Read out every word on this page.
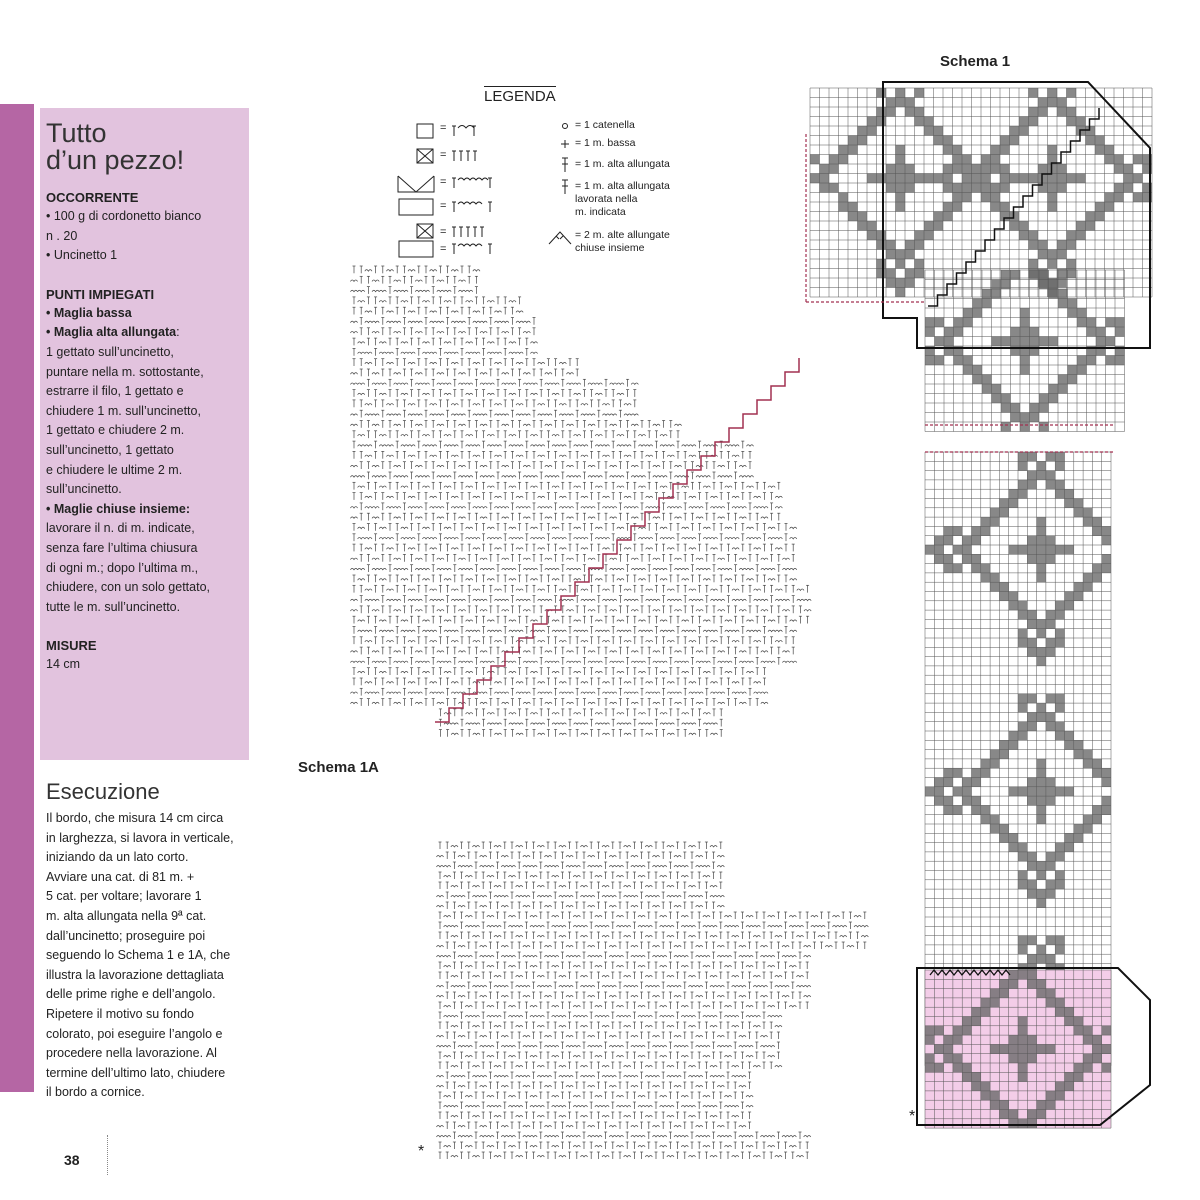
Tutto
d’un pezzo!

OCCORRENTE

• 100 g di cordonetto bianco
n . 20

• Uncinetto 1

PUNTI IMPIEGATI

• Maglia bassa

• Maglia alta allungata:

1 gettato sull’uncinetto,
puntare nella m. sottostante,
estrarre il filo, 1 gettato e
chiudere 1 m. sull’uncinetto,
1 gettato e chiudere 2 m.
sull’uncinetto, 1 gettato
e chiudere le ultime 2 m.
sull’uncinetto.

• Maglie chiuse insieme:

lavorare il n. di m. indicate,
senza fare l’ultima chiusura
di ogni m.; dopo l’ultima m.,
chiudere, con un solo gettato,
tutte le m. sull’uncinetto.

MISURE

14 cm

Esecuzione

Il bordo, che misura 14 cm circa
in larghezza, si lavora in verticale,
iniziando da un lato corto.
Avviare una cat. di 81 m. +
5 cat. per voltare; lavorare 1
m. alta allungata nella 9ª cat.
dall’uncinetto; proseguire poi
seguendo lo Schema 1 e 1A, che
illustra la lavorazione dettagliata
delle prime righe e dell’angolo.
Ripetere il motivo su fondo
colorato, poi eseguire l’angolo e
procedere nella lavorazione. Al
termine dell’ultimo lato, chiudere
il bordo a cornice.
38
LEGENDA
=
=
=
=
=
=
= 1 catenella
= 1 m. bassa
= 1 m. alta allungata
= 1 m. alta allungata
lavorata nella
m. indicata
= 2 m. alte allungate
chiuse insieme
Schema 1
Schema 1A
*
*
